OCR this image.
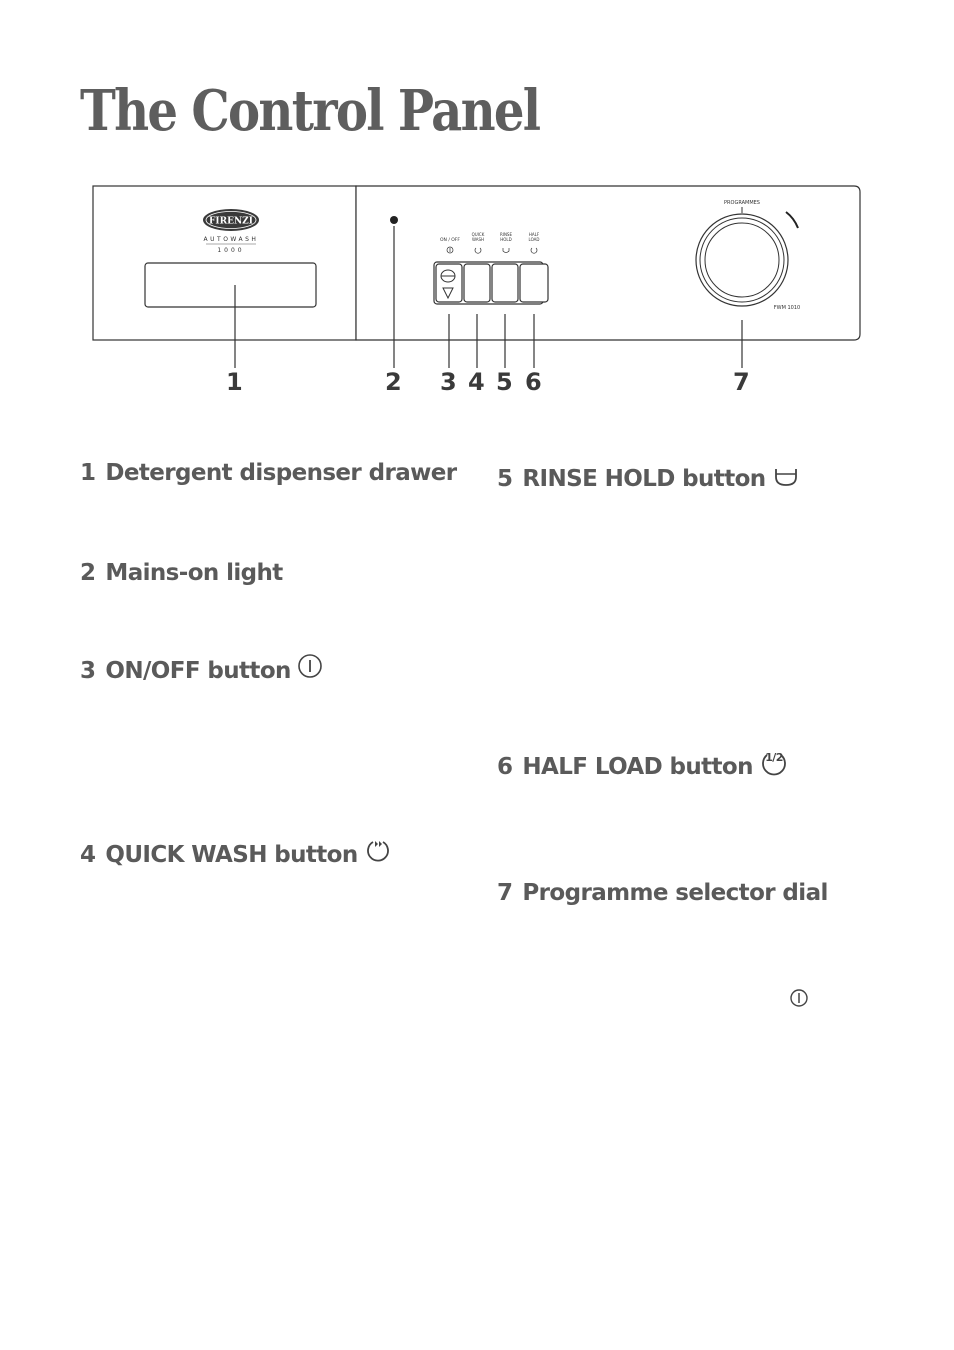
The Control Panel
FIRENZI
AUTOWASH
1000
ON / OFF
QUICK
WASH
RINSE
HOLD
HALF
LOAD
PROGRAMMES
FWM 1010
1	2 3 4 5 6	7
1 Detergent dispenser drawer
2 Mains-on light
3 ON/OFF button
4 QUICK WASH button
5 RINSE HOLD button
6 HALF LOAD button 1/2
7 Programme selector dial
